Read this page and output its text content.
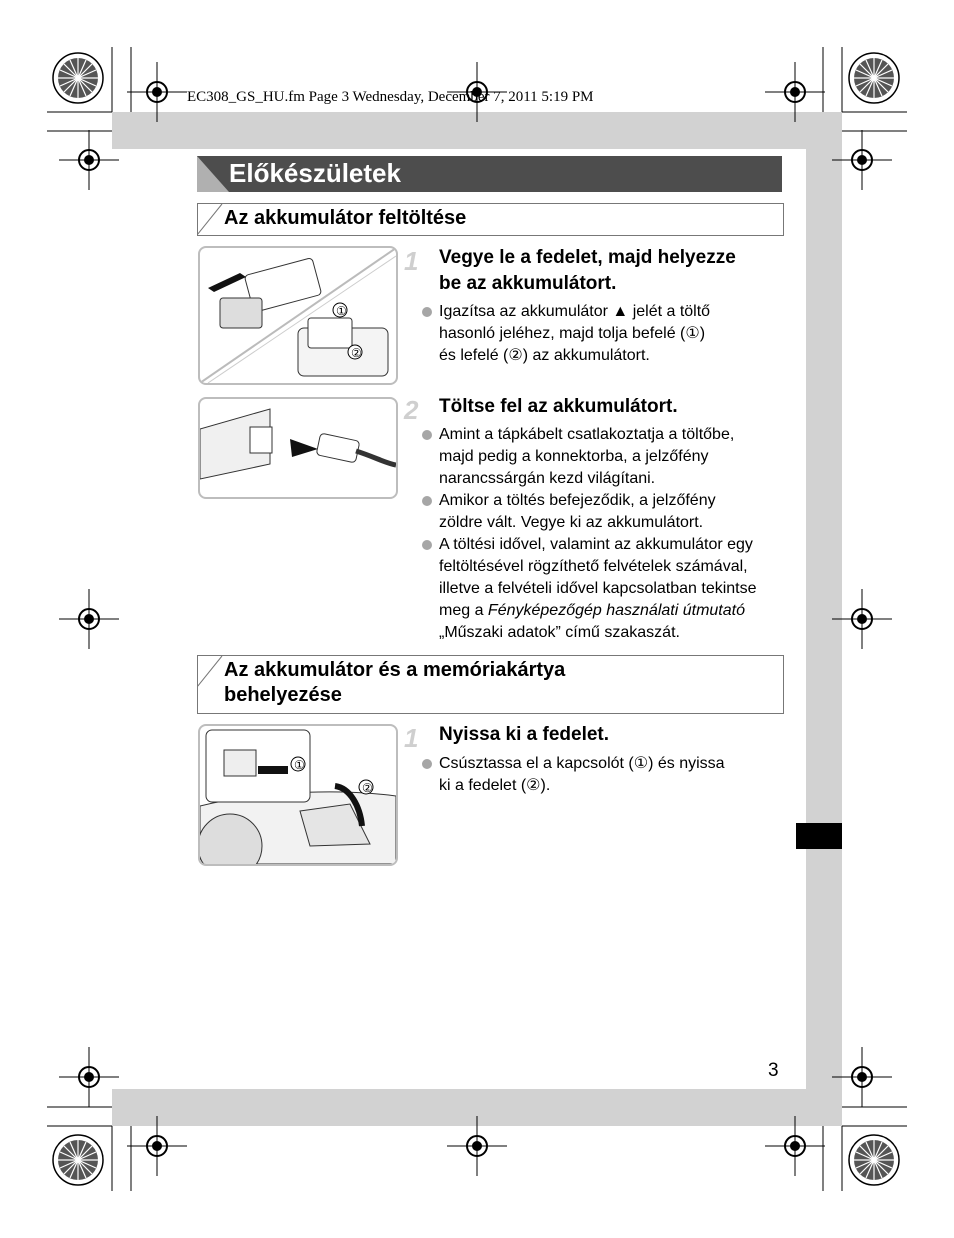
EC308_GS_HU.fm Page 3 Wednesday, December 7, 2011 5:19 PM
Előkészületek
Az akkumulátor feltöltése
①
②
1 Vegye le a fedelet, majd helyezze
be az akkumulátort.
Igazítsa az akkumulátor ▲ jelét a töltő
hasonló jeléhez, majd tolja befelé (①)
és lefelé (②) az akkumulátort.
2 Töltse fel az akkumulátort.
Amint a tápkábelt csatlakoztatja a töltőbe,
majd pedig a konnektorba, a jelzőfény
narancssárgán kezd világítani.
Amikor a töltés befejeződik, a jelzőfény
zöldre vált. Vegye ki az akkumulátort.
A töltési idővel, valamint az akkumulátor egy
feltöltésével rögzíthető felvételek számával,
illetve a felvételi idővel kapcsolatban tekintse
meg a Fényképezőgép használati útmutató
„Műszaki adatok” című szakaszát.
Az akkumulátor és a memóriakártya
behelyezése
①
②
1 Nyissa ki a fedelet.
Csúsztassa el a kapcsolót (①) és nyissa
ki a fedelet (②).
3
